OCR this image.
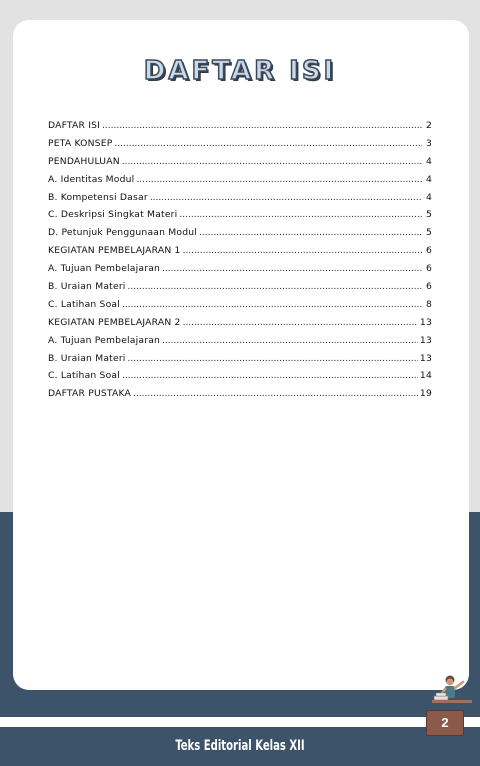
DAFTAR ISI
DAFTAR ISI .....	2
PETA KONSEP .....	3
PENDAHULUAN .....	4
A. Identitas Modul .....	4
B. Kompetensi Dasar .....	4
C. Deskripsi Singkat Materi .....	5
D. Petunjuk Penggunaan Modul .....	5
KEGIATAN PEMBELAJARAN 1 .....	6
A. Tujuan Pembelajaran .....	6
B. Uraian Materi .....	6
C. Latihan Soal .....	8
KEGIATAN PEMBELAJARAN 2 .....	13
A. Tujuan Pembelajaran .....	13
B. Uraian Materi .....	13
C. Latihan Soal .....	14
DAFTAR PUSTAKA .....	19
2
Teks Editorial Kelas XII
